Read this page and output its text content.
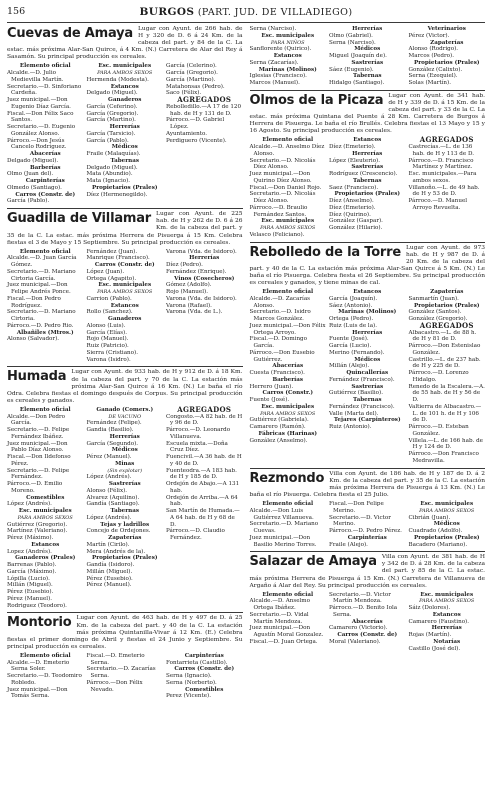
156	BURGOS (PART. JUD. DE VILLADIEGO)
Cuevas de Amaya Lugar con Ayunt. de 266 hab. de H y 320 de D. 6 á 24 Km. de la cabeza del part. y 84 de la C. La estac. más próxima Alar-San Quirce, á 4 Km. (N.) Carretera de Alar del Rey á Sasamón. Su principal producción es cereales.
Elemento oficial
Alcalde.—D. Julio Medievilla Martín.
Secretario.—D. Sinforiano Cardeña.
Juez municipal.—Don Eugenio Díaz García.
Fiscal.—Don Félix Saco Santos.
Secretario.—D. Eugenio González Alonso.
Párroco.—Don Jesús Cancelo Rodríguez.
Abacerías
Delgado (Miguel).
Barberías
Olmo (Juan del).
Carpinterías
Olmedo (Santiago).
Carros (Constr. de)
García (Pablo).
Esc. municipales
PARA AMBOS SEXOS
Hermenda (Modesta).
Estancos
Delgado (Miguel).
Ganaderos
García (Ceferino).
García (Gregorio).
García (Martino).
Herrerías
García (Tarsicio).
García (Pablo).
Médicos
Fraile (Malaquías).
Tabernas
Delgado (Miguel).
Mata (Abundio).
Mata (Ignacio).
Propietarios (Prales)
Díez (Hermenegildo).
García (Celerino).
García (Gregorio).
García (Martino).
Matahonsas (Pedro).
Saco (Félix).
AGREGADOS
Rebolledillo.—A 17 de 120 hab. de H y 131 de D.
Párroco.—D. Gabriel López.
Ayuntamiento.
Perdiguero (Vicente).
Guadilla de Villamar Lugar con Ayunt. de 225 hab. de H y 262 de D. 6 á 26 Km. de la cabeza del part. y 35 de la C. La estac. más próxima Herrera de Pisuerga á 15 Km. Celebra fiestas el 3 de Mayo y 15 Septiembre. Su principal producción es cereales.
Elemento oficial
Alcalde.—D. Juan García Gómez.
Secretario.—D. Mariano Cirtoria García.
Juez municipal.—Don Felipe Andrés Ponce.
Fiscal.—Don Pedro Rodríguez.
Secretario.—D. Mariano Cirtoria.
Párroco.—D. Pedro Rio.
Albañiles (Mtros.)
Alonso (Salvador).
Fernández (Juan).
Manrique (Francisco).
Carros (Constr. de)
López (Juan).
Ortega (Agapito).
Esc. municipales
PARA AMBOS SEXOS
Carrion (Pablo).
Estancos
Rollo (Sanchez).
Ganaderos
Alonso (Luis).
García (Elías).
Rojo (Manuel).
Ruiz (Patricio).
Sierra (Cristiano).
Varona (Isidro).
Varona (Vda. de Isidoro).
Herrerías
Díez (Pedro).
Fernández (Enrique).
Vinos (Cosecheros)
Gómez (Adolfo).
Rojo (Manuel).
Varona (Vda. de Isidoro).
Varona (Rafael).
Varona (Vda. de L.).
Humada Lugar con Ayunt. de 933 hab. de H y 912 de D. á 18 Km. de la cabeza del part. y 70 de la C. La estación más próxima Alar-San Quirce á 16 Km. (N.) Le baña el río Odra. Celebra fiestas el domingo después de Corpus. Su principal producción es cereales y ganados.
Elemento oficial
Alcalde.—Don Pedro García.
Secretario.—D. Felipe Fernández Ibáñez.
Juez municipal.—Don Pablo Díaz Alonso.
Fiscal.—Don Ildefonso Pérez.
Secretario.—D. Felipe Fernández.
Párroco.—D. Emilio Moreno.
Comestibles
López (Andrés).
Esc. municipales
PARA AMBOS SEXOS
Gutiérrez (Gregorio).
Martínez (Valeriano).
Pérez (Máximo).
Estancos
Lopez (Andrés).
Ganaderos (Prales)
Barrenas (Pablo).
García (Máximo).
Lópilla (Lucio).
Millán (Miguel).
Pérez (Eusebio).
Pérez (Manuel).
Rodriguez (Teodoro).
Ganado (Comers.)
DE VACUNO
Fernández (Felipe).
Gandia (Basilio).
Herrerías
García (Segundo).
Médicos
Pérez (Manuel).
Minas
(Sin explotar)
López (Andrés).
Sastrerías
Alonso (Félix).
Alvarez (Aquilino).
Gandía (Santiago).
Tabernas
López (Andrés).
Tejas y ladrillos
Concejo de Ordejones.
Zapaterías
Martín (Cirilo).
Mera (Andrés de la).
Propietarios (Prales)
Gandía (Isidoro).
Millán (Miguel).
Pérez (Eusebio).
Pérez (Manuel).
AGREGADOS
Congosto.—A 82 hab. de H y 96 de D.
Párroco.—D. Leonardo Villanueva.
Escuela mixta.—Doña Cruz Díez.
Fuencivil.—A 36 hab. de H y 40 de D.
Fuenteodra.—A 183 hab. de H y 185 de D.
Ordejón de Abajo.—A 131 hab.
Ordejón de Arriba.—A 64 hab.
San Martín de Humada.—A 64 hab. de H y 68 de D.
Párroco.—D. Claudio Fernández.
Montorio Lugar con Ayunt. de 463 hab. de H y 497 de D. á 25 Km. de la cabeza del part. y 40 de la C. La estación más próxima Quintanilla-Vivar á 12 Km. (E.) Celebra fiestas el primer domingo de Abril y fiestas el 24 Junio y Septiembre. Su principal producción es cereales.
Elemento oficial
Alcalde.—D. Emeterio Serna Soler.
Secretario.—D. Teodomiro Robledo.
Juez municipal.—Don Tomás Serna.
Fiscal.—D. Emeterio Serna.
Secretario.—D. Zacarías Serna.
Párroco.—Don Félix Nevado.
Carpinterías
Fontarrieta (Castillo).
Carros (Constr. de)
Serna (Ignacio).
Serna (Norberto).
Comestibles
Perez (Vicente).
Serna (Narciso).
Esc. municipales
PARA NIÑOS
Sanflorente (Quirico).
Estancos
Serna (Zacarías).
Marinas (Molinos)
Iglesias (Francisco).
Marcos (Manuel).
Herrerías
Olmo (Gabriel).
Serna (Narciso).
Médicos
Miguel (Joaquín de).
Sastrerías
Sáez (Eugenio).
Tabernas
Hidalgo (Santiago).
Veterinarios
Pérez (Victor).
Zapaterías
Alonso (Rodrigo).
Marcos (Pedro).
Propietarios (Prales)
González (Calixto).
Serna (Ezequiel).
Solas (Martín).
Olmos de la Picaza Lugar con Ayunt. de 341 hab. de H y 339 de D. á 15 Km. de la cabeza del part. y 33 de la C. La estac. más próxima Quintana del Puente á 28 Km. Carretera de Burgos á Herrera de Pisuerga. Le baña el río Brullés. Celebra fiestas el 13 Mayo y 15 y 16 Agosto. Su principal producción es cereales.
Elemento oficial
Alcalde.—D. Anselmo Díez Alonso.
Secretario.—D. Nicolás Díez Alonso.
Juez municipal.—Don Quirino Díez Alonso.
Fiscal.—Don Daniel Rojo.
Secretario.—D. Nicolás Díez Alonso.
Párroco.—D. Braulio Fernández Santos.
Esc. municipales
PARA AMBOS SEXOS
Velasco (Feliciano).
Estancos
Díez (Emeterio).
Herrerías
López (Eleuterio).
Sastrerías
Rodríguez (Crescencio).
Tabernas
Saez (Francisco).
Propietarios (Prales)
Díez (Anselmo).
Díez (Emeterio).
Díez (Quirino).
González (Gaspar).
González (Hilario).
AGREGADOS
Castrecías.—L. de 136 hab. de H y 113 de D.
Párroco.—D. Francisco Martínez y Martínez.
Esc. municipales.—Para ambos sexos.
Villanoño.—L. de 49 hab. de H y 53 de D.
Párroco.—D. Manuel Arroyo Revuelta.
Rebolledo de la Torre Lugar con Ayunt. de 973 hab. de H y 987 de D. á 20 Km. de la cabeza del part. y 40 de la C. La estación más próxima Alar-San Quirce á 5 Km. (N.) Le baña el río Pisuerga. Celebra fiesta el 26 Septiembre. Su principal producción es cereales y ganados, y tiene minas de cal.
Elemento oficial
Alcalde.—D. Zacarías Alonso.
Secretario.—D. Isidro Marcos González.
Juez municipal.—Don Félix Ortega Arroyo.
Fiscal.—D. Domingo García.
Párroco.—Don Eusebio Gutiérrez.
Abacerías
Cuesta (Francisco).
Barberías
Herrero (Juan).
Carros (Constr.)
Fuente (José).
Esc. municipales
PARA AMBOS SEXOS
Gutiérrez (Gabriela).
Camarero (Ramón).
Fábricas (Harinas)
González (Anselmo).
Estancos
García (Joaquín).
Sáez (Antonio).
Marinas (Molinos)
Ortega (Pedro).
Ruiz (Luis de la).
Herrerías
Fuente (José).
García (Lucio).
Merino (Fernando).
Médicos
Millán (Alejo).
Quincallerías
Fernández (Francisco).
Sastrerías
Gutiérrez (Basilio).
Tabernas
Fernández (Francisco).
Valle (Marta del).
Tejares (Carpinteros)
Ruiz (Antonio).
Zapaterías
Sanmartín (Juan).
Propietarios (Prales)
González (Santos).
González (Gregorio).
AGREGADOS
Albacastro.—L. de 88 h. de H y 81 de D.
Párroco.—Don Estenislao González.
Castrillo.—L. de 237 hab. de H y 225 de D.
Párroco.—D. Lorenzo Hidalgo.
Renedo de la Escalera.—A. de 55 hab. de H y 56 de D.
Valtierra de Albacastro.—L. de 101 h. de H y 106 de D.
Párroco.—D. Esteban González.
Villela.—L. de 166 hab. de H y 124 de D.
Párroco.—Don Francisco Medravilla.
Rezmondo Villa con Ayunt. de 186 hab. de H y 187 de D. á 2 Km. de la cabeza del part. y 35 de la C. La estación más próxima Herrera de Pisuerga á 13 Km. (N.) Le baña el río Pisuerga. Celebra fiesta el 25 Julio.
Elemento oficial
Alcalde.—Don Luis Gutiérrez Villanueva.
Secretario.—D. Mariano Cuevas.
Juez municipal.—Don Basilio Merino Torres.
Fiscal.—Don Felipe Merino.
Secretario.—D. Victor Merino.
Párroco.—D. Pedro Pérez.
Carpinterías
Fraile (Alejo).
Esc. municipales
PARA AMBOS SEXOS
Cibrián (Juan).
Médicos
Cuadrado (Adolfo).
Propietarios (Prales)
Bacadero (Mariano).
Salazar de Amaya Villa con Ayunt. de 381 hab. de H y 342 de D. á 28 Km. de la cabeza del part. y 85 de la C. La estac. más próxima Herrera de Pisuerga á 15 Km. (N.) Carretera de Villanueva de Argaño á Alar del Rey. Su principal producción es cereales.
Elemento oficial
Alcalde.—D. Anselmo Ortega Ibáñez.
Secretario.—D. Vidal Martín Mendoza.
Juez municipal.—Don Agustín Moral Gonzalez.
Fiscal.—D. Juan Ortega.
Secretario.—D. Victor Martín Mendoza.
Párroco.—D. Benito Iola Serna.
Abacerías
Camarero (Victorio).
Carros (Constr. de)
Moral (Valeriano).
Esc. municipales
PARA AMBOS SEXOS
Sáiz (Dolores).
Estancos
Camarero (Faustino).
Herrerías
Rojas (Martín).
Notarías
Castillo (José del).
